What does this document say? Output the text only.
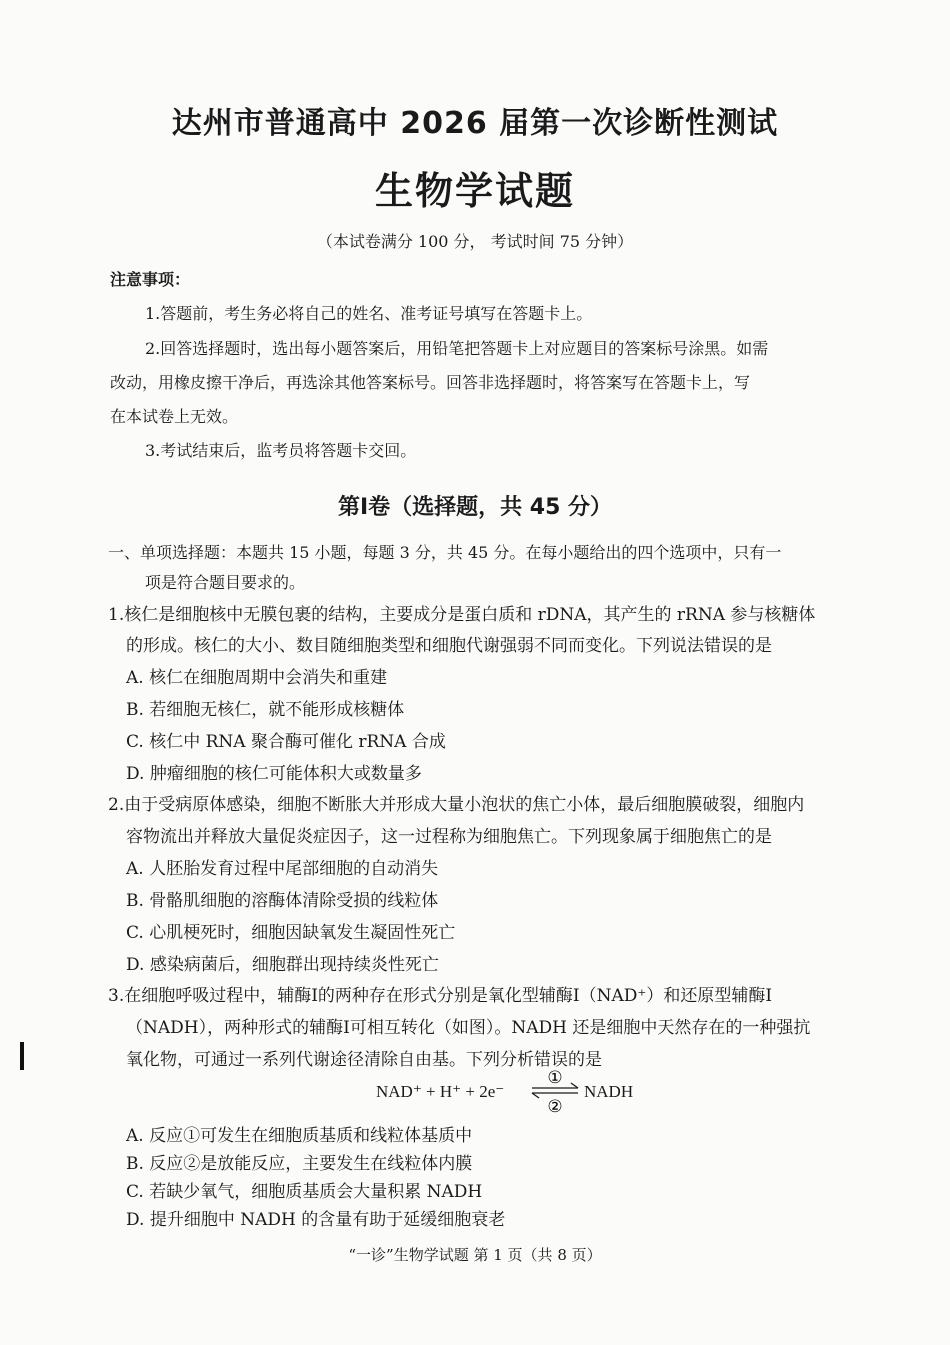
达州市普通高中 2026 届第一次诊断性测试
生物学试题
（本试卷满分 100 分， 考试时间 75 分钟）
注意事项：
1.答题前，考生务必将自己的姓名、准考证号填写在答题卡上。
2.回答选择题时，选出每小题答案后，用铅笔把答题卡上对应题目的答案标号涂黑。如需
改动，用橡皮擦干净后，再选涂其他答案标号。回答非选择题时，将答案写在答题卡上，写
在本试卷上无效。
3.考试结束后，监考员将答题卡交回。
第Ⅰ卷（选择题，共 45 分）
一、单项选择题：本题共 15 小题，每题 3 分，共 45 分。在每小题给出的四个选项中，只有一
项是符合题目要求的。
1.核仁是细胞核中无膜包裹的结构，主要成分是蛋白质和 rDNA，其产生的 rRNA 参与核糖体
的形成。核仁的大小、数目随细胞类型和细胞代谢强弱不同而变化。下列说法错误的是
A. 核仁在细胞周期中会消失和重建
B. 若细胞无核仁，就不能形成核糖体
C. 核仁中 RNA 聚合酶可催化 rRNA 合成
D. 肿瘤细胞的核仁可能体积大或数量多
2.由于受病原体感染，细胞不断胀大并形成大量小泡状的焦亡小体，最后细胞膜破裂，细胞内
容物流出并释放大量促炎症因子，这一过程称为细胞焦亡。下列现象属于细胞焦亡的是
A. 人胚胎发育过程中尾部细胞的自动消失
B. 骨骼肌细胞的溶酶体清除受损的线粒体
C. 心肌梗死时，细胞因缺氧发生凝固性死亡
D. 感染病菌后，细胞群出现持续炎性死亡
3.在细胞呼吸过程中，辅酶Ⅰ的两种存在形式分别是氧化型辅酶Ⅰ（NAD⁺）和还原型辅酶Ⅰ
（NADH），两种形式的辅酶Ⅰ可相互转化（如图）。NADH 还是细胞中天然存在的一种强抗
氧化物，可通过一系列代谢途径清除自由基。下列分析错误的是
NAD⁺ + H⁺ + 2e⁻
①
②
NADH
A. 反应①可发生在细胞质基质和线粒体基质中
B. 反应②是放能反应，主要发生在线粒体内膜
C. 若缺少氧气，细胞质基质会大量积累 NADH
D. 提升细胞中 NADH 的含量有助于延缓细胞衰老
“一诊”生物学试题 第 1 页（共 8 页）
